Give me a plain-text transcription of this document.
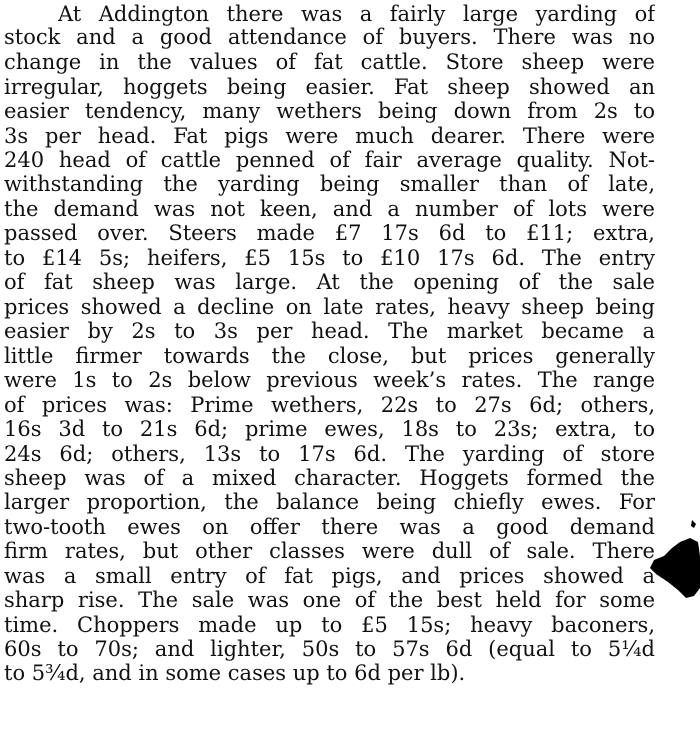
At Addington there was a fairly large yarding of
stock and a good attendance of buyers. There was no
change in the values of fat cattle. Store sheep were
irregular, hoggets being easier. Fat sheep showed an
easier tendency, many wethers being down from 2s to
3s per head. Fat pigs were much dearer. There were
240 head of cattle penned of fair average quality. Not-
withstanding the yarding being smaller than of late,
the demand was not keen, and a number of lots were
passed over. Steers made £7 17s 6d to £11; extra,
to £14 5s; heifers, £5 15s to £10 17s 6d. The entry
of fat sheep was large. At the opening of the sale
prices showed a decline on late rates, heavy sheep being
easier by 2s to 3s per head. The market became a
little firmer towards the close, but prices generally
were 1s to 2s below previous week’s rates. The range
of prices was: Prime wethers, 22s to 27s 6d; others,
16s 3d to 21s 6d; prime ewes, 18s to 23s; extra, to
24s 6d; others, 13s to 17s 6d. The yarding of store
sheep was of a mixed character. Hoggets formed the
larger proportion, the balance being chiefly ewes. For
two-tooth ewes on offer there was a good demand
firm rates, but other classes were dull of sale. There
was a small entry of fat pigs, and prices showed a
sharp rise. The sale was one of the best held for some
time. Choppers made up to £5 15s; heavy baconers,
60s to 70s; and lighter, 50s to 57s 6d (equal to 5¼d
to 5¾d, and in some cases up to 6d per lb).
